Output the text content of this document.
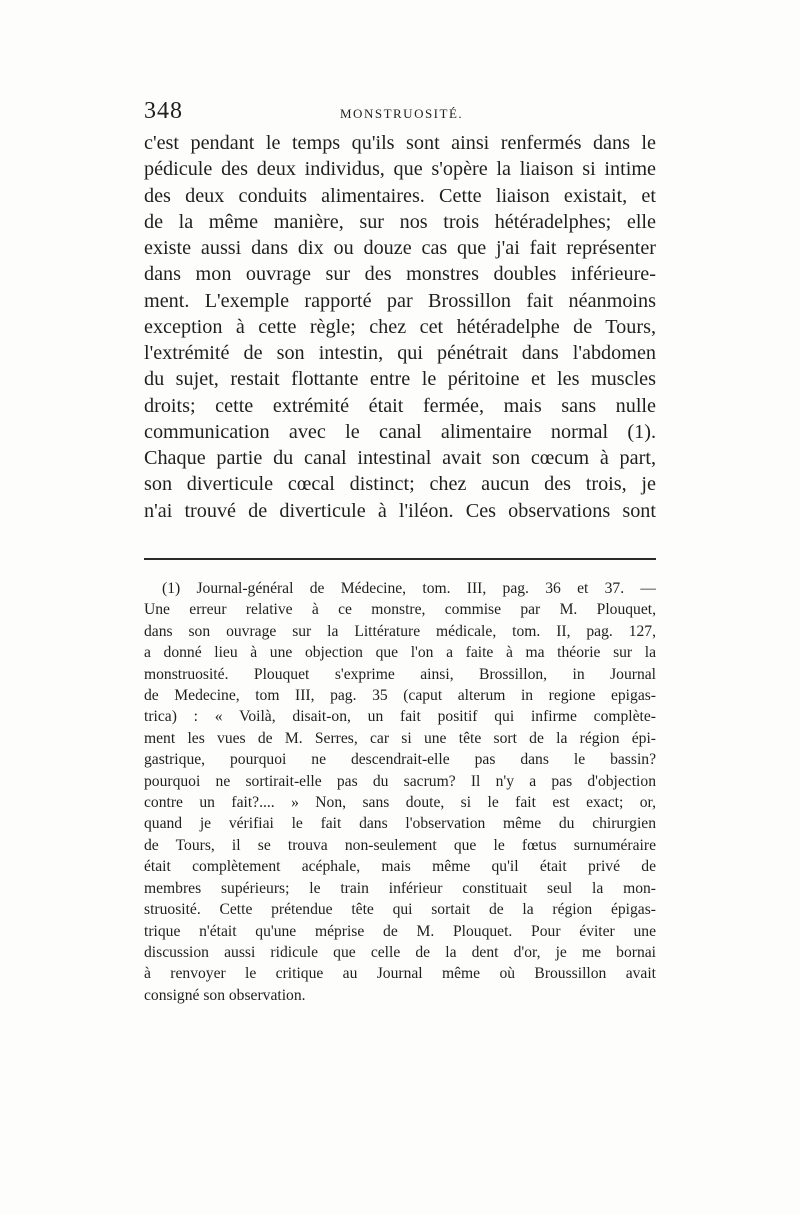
348	MONSTRUOSITÉ.
c'est pendant le temps qu'ils sont ainsi renfermés dans le
pédicule des deux individus, que s'opère la liaison si intime
des deux conduits alimentaires. Cette liaison existait, et
de la même manière, sur nos trois hétéradelphes; elle
existe aussi dans dix ou douze cas que j'ai fait représenter
dans mon ouvrage sur des monstres doubles inférieure-
ment. L'exemple rapporté par Brossillon fait néanmoins
exception à cette règle; chez cet hétéradelphe de Tours,
l'extrémité de son intestin, qui pénétrait dans l'abdomen
du sujet, restait flottante entre le péritoine et les muscles
droits; cette extrémité était fermée, mais sans nulle
communication avec le canal alimentaire normal (1).
Chaque partie du canal intestinal avait son cœcum à part,
son diverticule cœcal distinct; chez aucun des trois, je
n'ai trouvé de diverticule à l'iléon. Ces observations sont
(1) Journal-général de Médecine, tom. III, pag. 36 et 37. —
Une erreur relative à ce monstre, commise par M. Plouquet,
dans son ouvrage sur la Littérature médicale, tom. II, pag. 127,
a donné lieu à une objection que l'on a faite à ma théorie sur la
monstruosité. Plouquet s'exprime ainsi, Brossillon, in Journal
de Medecine, tom III, pag. 35 (caput alterum in regione epigas-
trica) : « Voilà, disait-on, un fait positif qui infirme complète-
ment les vues de M. Serres, car si une tête sort de la région épi-
gastrique, pourquoi ne descendrait-elle pas dans le bassin?
pourquoi ne sortirait-elle pas du sacrum? Il n'y a pas d'objection
contre un fait?.... » Non, sans doute, si le fait est exact; or,
quand je vérifiai le fait dans l'observation même du chirurgien
de Tours, il se trouva non-seulement que le fœtus surnuméraire
était complètement acéphale, mais même qu'il était privé de
membres supérieurs; le train inférieur constituait seul la mon-
struosité. Cette prétendue tête qui sortait de la région épigas-
trique n'était qu'une méprise de M. Plouquet. Pour éviter une
discussion aussi ridicule que celle de la dent d'or, je me bornai
à renvoyer le critique au Journal même où Broussillon avait
consigné son observation.
